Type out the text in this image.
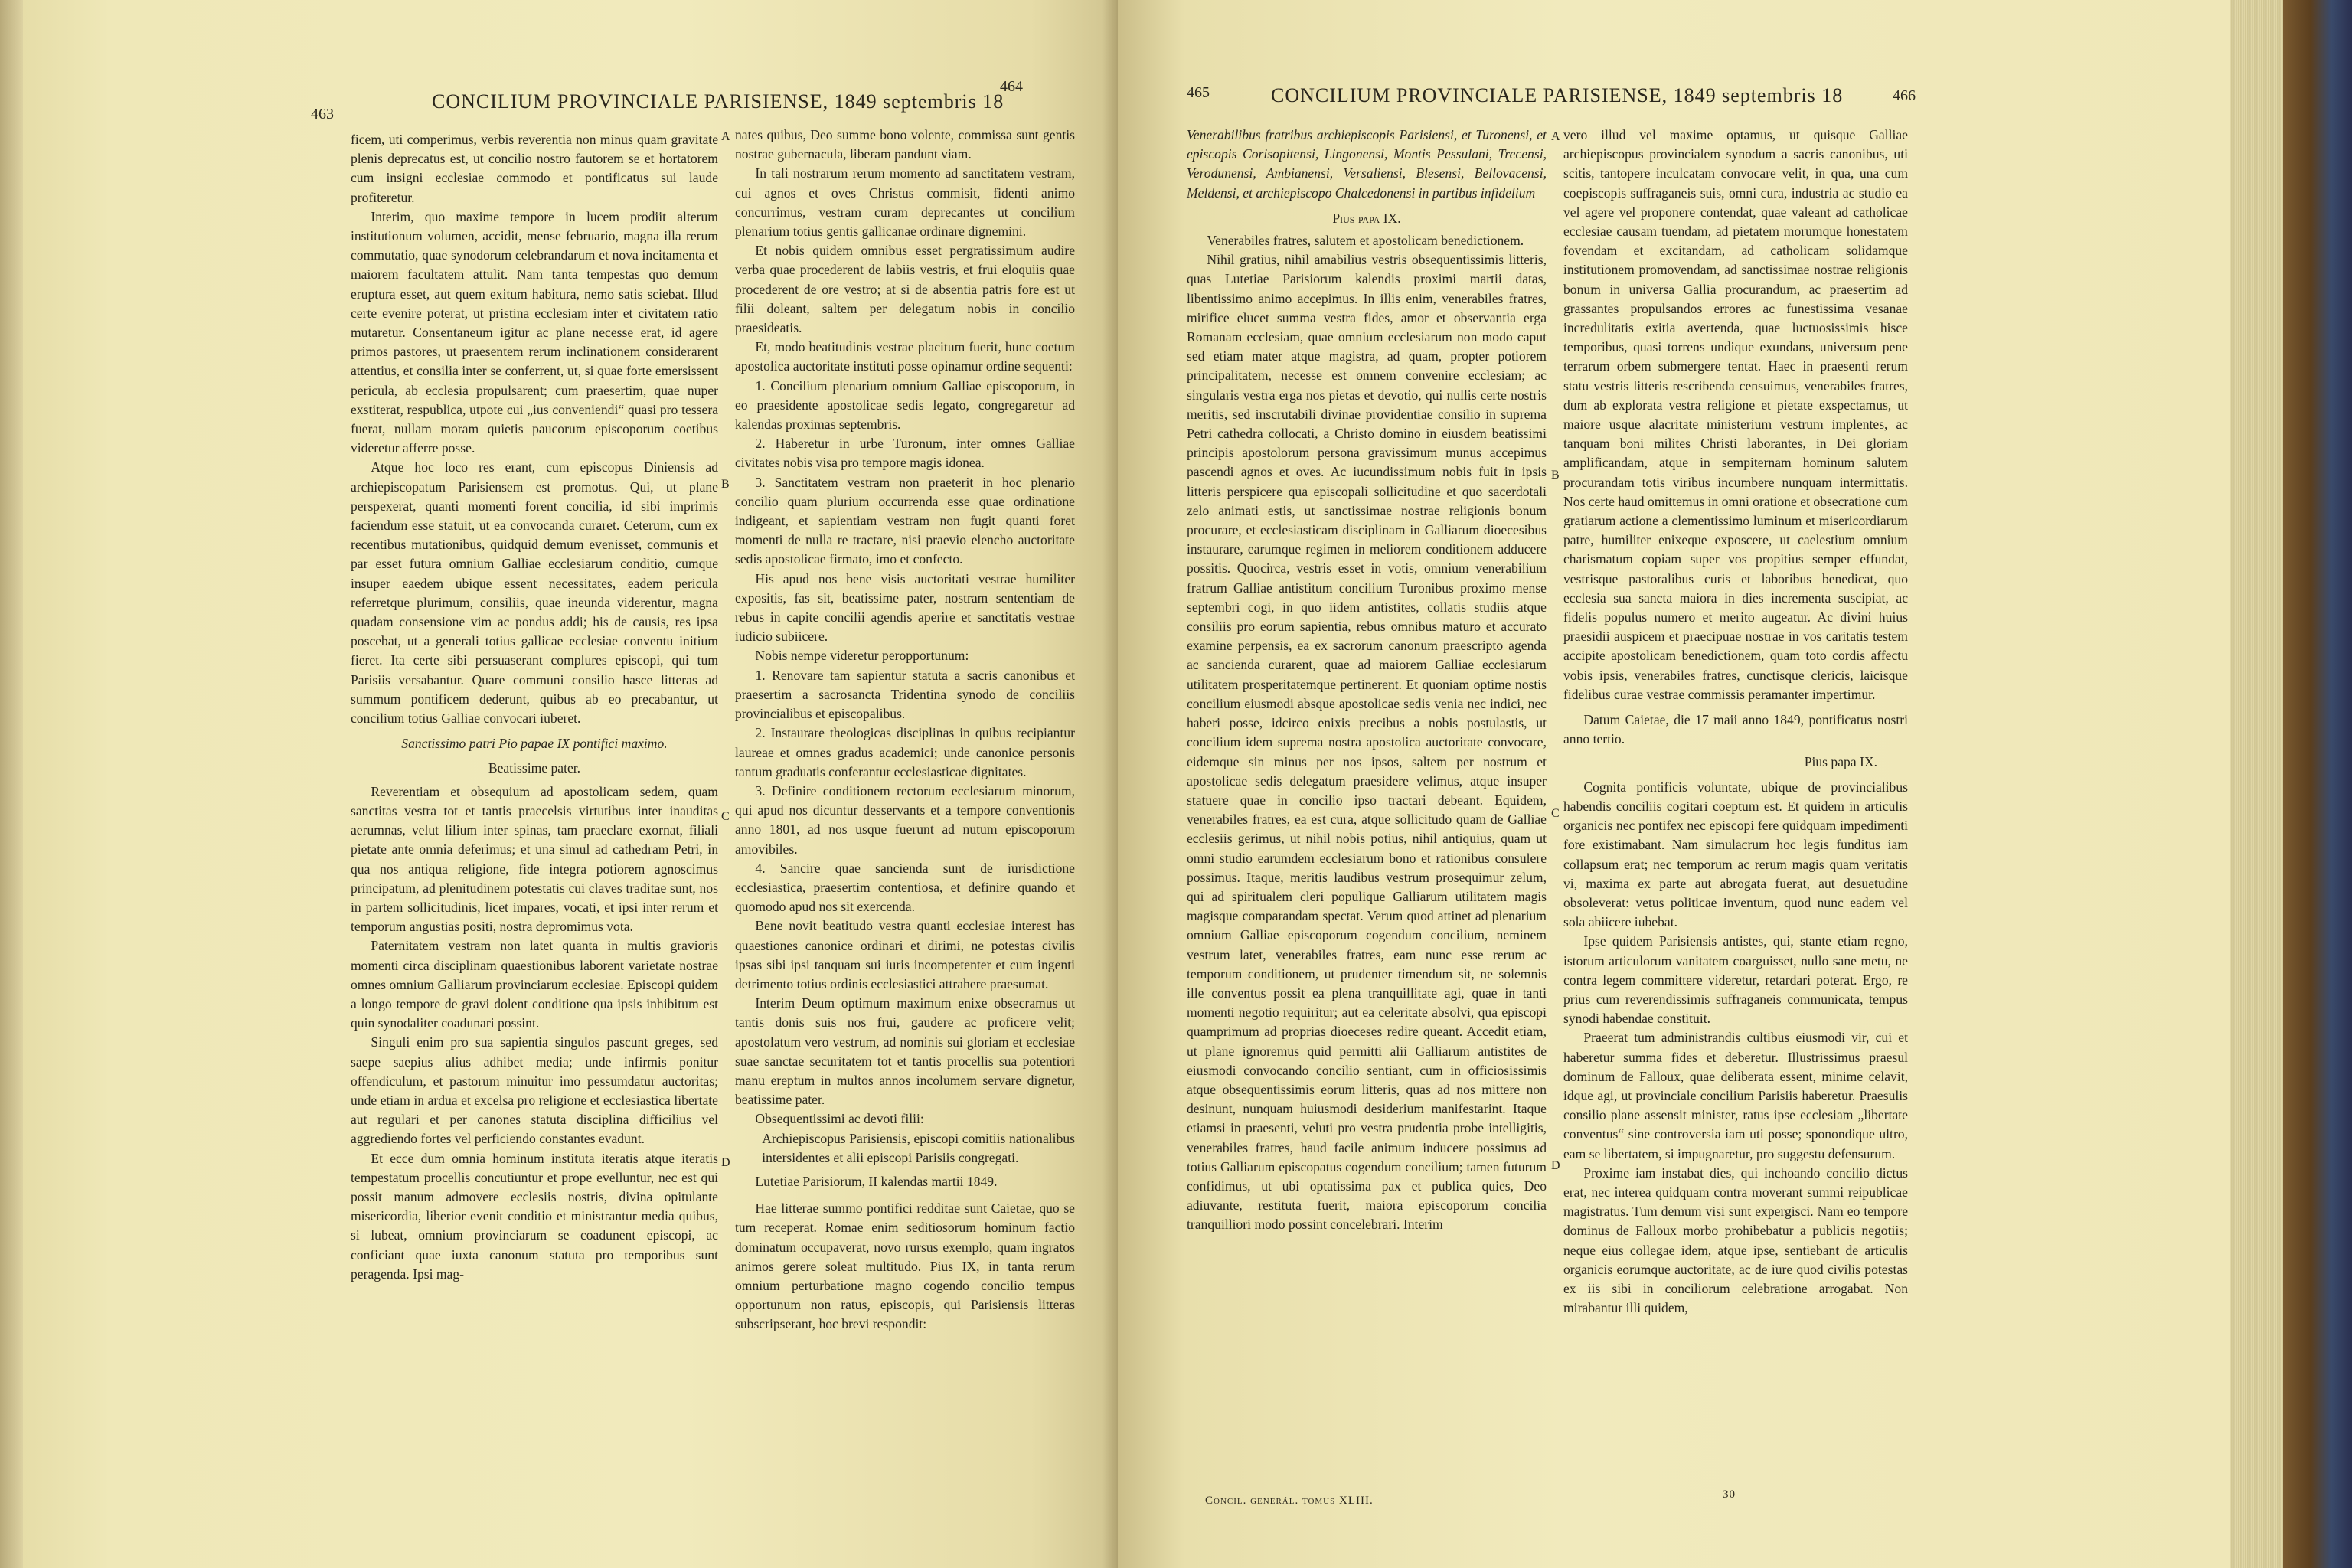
463
CONCILIUM PROVINCIALE PARISIENSE, 1849 septembris 18
464

ficem, uti comperimus, verbis reverentia non minus quam gravitate plenis deprecatus est, ut concilio nostro fautorem se et hortatorem cum insigni ecclesiae commodo et pontificatus sui laude profiteretur.

Interim, quo maxime tempore in lucem prodiit alterum institutionum volumen, accidit, mense februario, magna illa rerum commutatio, quae synodorum celebrandarum et nova incitamenta et maiorem facultatem attulit. Nam tanta tempestas quo demum eruptura esset, aut quem exitum habitura, nemo satis sciebat. Illud certe evenire poterat, ut pristina ecclesiam inter et civitatem ratio mutaretur. Consentaneum igitur ac plane necesse erat, id agere primos pastores, ut praesentem rerum inclinationem considerarent attentius, et consilia inter se conferrent, ut, si quae forte emersissent pericula, ab ecclesia propulsarent; cum praesertim, quae nuper exstiterat, respublica, utpote cui „ius conveniendi“ quasi pro tessera fuerat, nullam moram quietis paucorum episcoporum coetibus videretur afferre posse.

Atque hoc loco res erant, cum episcopus Diniensis ad archiepiscopatum Parisiensem est promotus. Qui, ut plane perspexerat, quanti momenti forent concilia, id sibi imprimis faciendum esse statuit, ut ea convocanda curaret. Ceterum, cum ex recentibus mutationibus, quidquid demum evenisset, communis et par esset futura omnium Galliae ecclesiarum conditio, cumque insuper eaedem ubique essent necessitates, eadem pericula referretque plurimum, consiliis, quae ineunda viderentur, magna quadam consensione vim ac pondus addi; his de causis, res ipsa poscebat, ut a generali totius gallicae ecclesiae conventu initium fieret. Ita certe sibi persuaserant complures episcopi, qui tum Parisiis versabantur. Quare communi consilio hasce litteras ad summum pontificem dederunt, quibus ab eo precabantur, ut concilium totius Galliae convocari iuberet.

Sanctissimo patri Pio papae IX pontifici maximo.

Beatissime pater.

Reverentiam et obsequium ad apostolicam sedem, quam sanctitas vestra tot et tantis praecelsis virtutibus inter inauditas aerumnas, velut lilium inter spinas, tam praeclare exornat, filiali pietate ante omnia deferimus; et una simul ad cathedram Petri, in qua nos antiqua religione, fide integra potiorem agnoscimus principatum, ad plenitudinem potestatis cui claves traditae sunt, nos in partem sollicitudinis, licet impares, vocati, et ipsi inter rerum et temporum angustias positi, nostra depromimus vota.

Paternitatem vestram non latet quanta in multis gravioris momenti circa disciplinam quaestionibus laborent varietate nostrae omnes omnium Galliarum provinciarum ecclesiae. Episcopi quidem a longo tempore de gravi dolent conditione qua ipsis inhibitum est quin synodaliter coadunari possint.

Singuli enim pro sua sapientia singulos pascunt greges, sed saepe saepius alius adhibet media; unde infirmis ponitur offendiculum, et pastorum minuitur imo pessumdatur auctoritas; unde etiam in ardua et excelsa pro religione et ecclesiastica libertate aut regulari et per canones statuta disciplina difficilius vel aggrediendo fortes vel perficiendo constantes evadunt.

Et ecce dum omnia hominum instituta iteratis atque iteratis tempestatum procellis concutiuntur et prope evelluntur, nec est qui possit manum admovere ecclesiis nostris, divina opitulante misericordia, liberior evenit conditio et ministrantur media quibus, si lubeat, omnium provinciarum se coadunent episcopi, ac conficiant quae iuxta canonum statuta pro temporibus sunt peragenda. Ipsi mag-

A
B
C
D

nates quibus, Deo summe bono volente, commissa sunt gentis nostrae gubernacula, liberam pandunt viam.

In tali nostrarum rerum momento ad sanctitatem vestram, cui agnos et oves Christus commisit, fidenti animo concurrimus, vestram curam deprecantes ut concilium plenarium totius gentis gallicanae ordinare dignemini.

Et nobis quidem omnibus esset pergratissimum audire verba quae procederent de labiis vestris, et frui eloquiis quae procederent de ore vestro; at si de absentia patris fore est ut filii doleant, saltem per delegatum nobis in concilio praesideatis.

Et, modo beatitudinis vestrae placitum fuerit, hunc coetum apostolica auctoritate instituti posse opinamur ordine sequenti:

1. Concilium plenarium omnium Galliae episcoporum, in eo praesidente apostolicae sedis legato, congregaretur ad kalendas proximas septembris.

2. Haberetur in urbe Turonum, inter omnes Galliae civitates nobis visa pro tempore magis idonea.

3. Sanctitatem vestram non praeterit in hoc plenario concilio quam plurium occurrenda esse quae ordinatione indigeant, et sapientiam vestram non fugit quanti foret momenti de nulla re tractare, nisi praevio elencho auctoritate sedis apostolicae firmato, imo et confecto.

His apud nos bene visis auctoritati vestrae humiliter expositis, fas sit, beatissime pater, nostram sententiam de rebus in capite concilii agendis aperire et sanctitatis vestrae iudicio subiicere.

Nobis nempe videretur peropportunum:

1. Renovare tam sapientur statuta a sacris canonibus et praesertim a sacrosancta Tridentina synodo de conciliis provincialibus et episcopalibus.

2. Instaurare theologicas disciplinas in quibus recipiantur laureae et omnes gradus academici; unde canonice personis tantum graduatis conferantur ecclesiasticae dignitates.

3. Definire conditionem rectorum ecclesiarum minorum, qui apud nos dicuntur desservants et a tempore conventionis anno 1801, ad nos usque fuerunt ad nutum episcoporum amovibiles.

4. Sancire quae sancienda sunt de iurisdictione ecclesiastica, praesertim contentiosa, et definire quando et quomodo apud nos sit exercenda.

Bene novit beatitudo vestra quanti ecclesiae interest has quaestiones canonice ordinari et dirimi, ne potestas civilis ipsas sibi ipsi tanquam sui iuris incompetenter et cum ingenti detrimento totius ordinis ecclesiastici attrahere praesumat.

Interim Deum optimum maximum enixe obsecramus ut tantis donis suis nos frui, gaudere ac proficere velit; apostolatum vero vestrum, ad nominis sui gloriam et ecclesiae suae sanctae securitatem tot et tantis procellis sua potentiori manu ereptum in multos annos incolumem servare dignetur, beatissime pater.

Obsequentissimi ac devoti filii:

Archiepiscopus Parisiensis, episcopi comitiis nationalibus intersidentes et alii episcopi Parisiis congregati.

Lutetiae Parisiorum, II kalendas martii 1849.

Hae litterae summo pontifici redditae sunt Caietae, quo se tum receperat. Romae enim seditiosorum hominum factio dominatum occupaverat, novo rursus exemplo, quam ingratos animos gerere soleat multitudo. Pius IX, in tanta rerum omnium perturbatione magno cogendo concilio tempus opportunum non ratus, episcopis, qui Parisiensis litteras subscripserant, hoc brevi respondit:

465	CONCILIUM PROVINCIALE PARISIENSE, 1849 septembris 18	466

Venerabilibus fratribus archiepiscopis Parisiensi, et Turonensi, et episcopis Corisopitensi, Lingonensi, Montis Pessulani, Trecensi, Verodunensi, Ambianensi, Versaliensi, Blesensi, Bellovacensi, Meldensi, et archiepiscopo Chalcedonensi in partibus infidelium

Pius papa IX.

Venerabiles fratres, salutem et apostolicam benedictionem.

Nihil gratius, nihil amabilius vestris obsequentissimis litteris, quas Lutetiae Parisiorum kalendis proximi martii datas, libentissimo animo accepimus. In illis enim, venerabiles fratres, mirifice elucet summa vestra fides, amor et observantia erga Romanam ecclesiam, quae omnium ecclesiarum non modo caput sed etiam mater atque magistra, ad quam, propter potiorem principalitatem, necesse est omnem convenire ecclesiam; ac singularis vestra erga nos pietas et devotio, qui nullis certe nostris meritis, sed inscrutabili divinae providentiae consilio in suprema Petri cathedra collocati, a Christo domino in eiusdem beatissimi principis apostolorum persona gravissimum munus accepimus pascendi agnos et oves. Ac iucundissimum nobis fuit in ipsis litteris perspicere qua episcopali sollicitudine et quo sacerdotali zelo animati estis, ut sanctissimae nostrae religionis bonum procurare, et ecclesiasticam disciplinam in Galliarum dioecesibus instaurare, earumque regimen in meliorem conditionem adducere possitis. Quocirca, vestris esset in votis, omnium venerabilium fratrum Galliae antistitum concilium Turonibus proximo mense septembri cogi, in quo iidem antistites, collatis studiis atque consiliis pro eorum sapientia, rebus omnibus maturo et accurato examine perpensis, ea ex sacrorum canonum praescripto agenda ac sancienda curarent, quae ad maiorem Galliae ecclesiarum utilitatem prosperitatemque pertinerent. Et quoniam optime nostis concilium eiusmodi absque apostolicae sedis venia nec indici, nec haberi posse, idcirco enixis precibus a nobis postulastis, ut concilium idem suprema nostra apostolica auctoritate convocare, eidemque sin minus per nos ipsos, saltem per nostrum et apostolicae sedis delegatum praesidere velimus, atque insuper statuere quae in concilio ipso tractari debeant. Equidem, venerabiles fratres, ea est cura, atque sollicitudo quam de Galliae ecclesiis gerimus, ut nihil nobis potius, nihil antiquius, quam ut omni studio earumdem ecclesiarum bono et rationibus consulere possimus. Itaque, meritis laudibus vestrum prosequimur zelum, qui ad spiritualem cleri populique Galliarum utilitatem magis magisque comparandam spectat. Verum quod attinet ad plenarium omnium Galliae episcoporum cogendum concilium, neminem vestrum latet, venerabiles fratres, eam nunc esse rerum ac temporum conditionem, ut prudenter timendum sit, ne solemnis ille conventus possit ea plena tranquillitate agi, quae in tanti momenti negotio requiritur; aut ea celeritate absolvi, qua episcopi quamprimum ad proprias dioeceses redire queant. Accedit etiam, ut plane ignoremus quid permitti alii Galliarum antistites de eiusmodi convocando concilio sentiant, cum in officiosissimis atque obsequentissimis eorum litteris, quas ad nos mittere non desinunt, nunquam huiusmodi desiderium manifestarint. Itaque etiamsi in praesenti, veluti pro vestra prudentia probe intelligitis, venerabiles fratres, haud facile animum inducere possimus ad totius Galliarum episcopatus cogendum concilium; tamen futurum confidimus, ut ubi optatissima pax et publica quies, Deo adiuvante, restituta fuerit, maiora episcoporum concilia tranquilliori modo possint concelebrari. Interim

A
B
C
D

vero illud vel maxime optamus, ut quisque Galliae archiepiscopus provincialem synodum a sacris canonibus, uti scitis, tantopere inculcatam convocare velit, in qua, una cum coepiscopis suffraganeis suis, omni cura, industria ac studio ea vel agere vel proponere contendat, quae valeant ad catholicae ecclesiae causam tuendam, ad pietatem morumque honestatem fovendam et excitandam, ad catholicam solidamque institutionem promovendam, ad sanctissimae nostrae religionis bonum in universa Gallia procurandum, ac praesertim ad grassantes propulsandos errores ac funestissima vesanae incredulitatis exitia avertenda, quae luctuosissimis hisce temporibus, quasi torrens undique exundans, universum pene terrarum orbem submergere tentat. Haec in praesenti rerum statu vestris litteris rescribenda censuimus, venerabiles fratres, dum ab explorata vestra religione et pietate exspectamus, ut maiore usque alacritate ministerium vestrum implentes, ac tanquam boni milites Christi laborantes, in Dei gloriam amplificandam, atque in sempiternam hominum salutem procurandam totis viribus incumbere nunquam intermittatis. Nos certe haud omittemus in omni oratione et obsecratione cum gratiarum actione a clementissimo luminum et misericordiarum patre, humiliter enixeque exposcere, ut caelestium omnium charismatum copiam super vos propitius semper effundat, vestrisque pastoralibus curis et laboribus benedicat, quo ecclesia sua sancta maiora in dies incrementa suscipiat, ac fidelis populus numero et merito augeatur. Ac divini huius praesidii auspicem et praecipuae nostrae in vos caritatis testem accipite apostolicam benedictionem, quam toto cordis affectu vobis ipsis, venerabiles fratres, cunctisque clericis, laicisque fidelibus curae vestrae commissis peramanter impertimur.

Datum Caietae, die 17 maii anno 1849, pontificatus nostri anno tertio.

Pius papa IX.

Cognita pontificis voluntate, ubique de provincialibus habendis conciliis cogitari coeptum est. Et quidem in articulis organicis nec pontifex nec episcopi fere quidquam impedimenti fore existimabant. Nam simulacrum hoc legis funditus iam collapsum erat; nec temporum ac rerum magis quam veritatis vi, maxima ex parte aut abrogata fuerat, aut desuetudine obsoleverat: vetus politicae inventum, quod nunc eadem vel sola abiicere iubebat.

Ipse quidem Parisiensis antistes, qui, stante etiam regno, istorum articulorum vanitatem coarguisset, nullo sane metu, ne contra legem committere videretur, retardari poterat. Ergo, re prius cum reverendissimis suffraganeis communicata, tempus synodi habendae constituit.

Praeerat tum administrandis cultibus eiusmodi vir, cui et haberetur summa fides et deberetur. Illustrissimus praesul dominum de Falloux, quae deliberata essent, minime celavit, idque agi, ut provinciale concilium Parisiis haberetur. Praesulis consilio plane assensit minister, ratus ipse ecclesiam „libertate conventus“ sine controversia iam uti posse; sponondique ultro, eam se libertatem, si impugnaretur, pro suggestu defensurum.

Proxime iam instabat dies, qui inchoando concilio dictus erat, nec interea quidquam contra moverant summi reipublicae magistratus. Tum demum visi sunt expergisci. Nam eo tempore dominus de Falloux morbo prohibebatur a publicis negotiis; neque eius collegae idem, atque ipse, sentiebant de articulis organicis eorumque auctoritate, ac de iure quod civilis potestas ex iis sibi in conciliorum celebratione arrogabat. Non mirabantur illi quidem,

Concil. generál. tomus XLIII.	30
